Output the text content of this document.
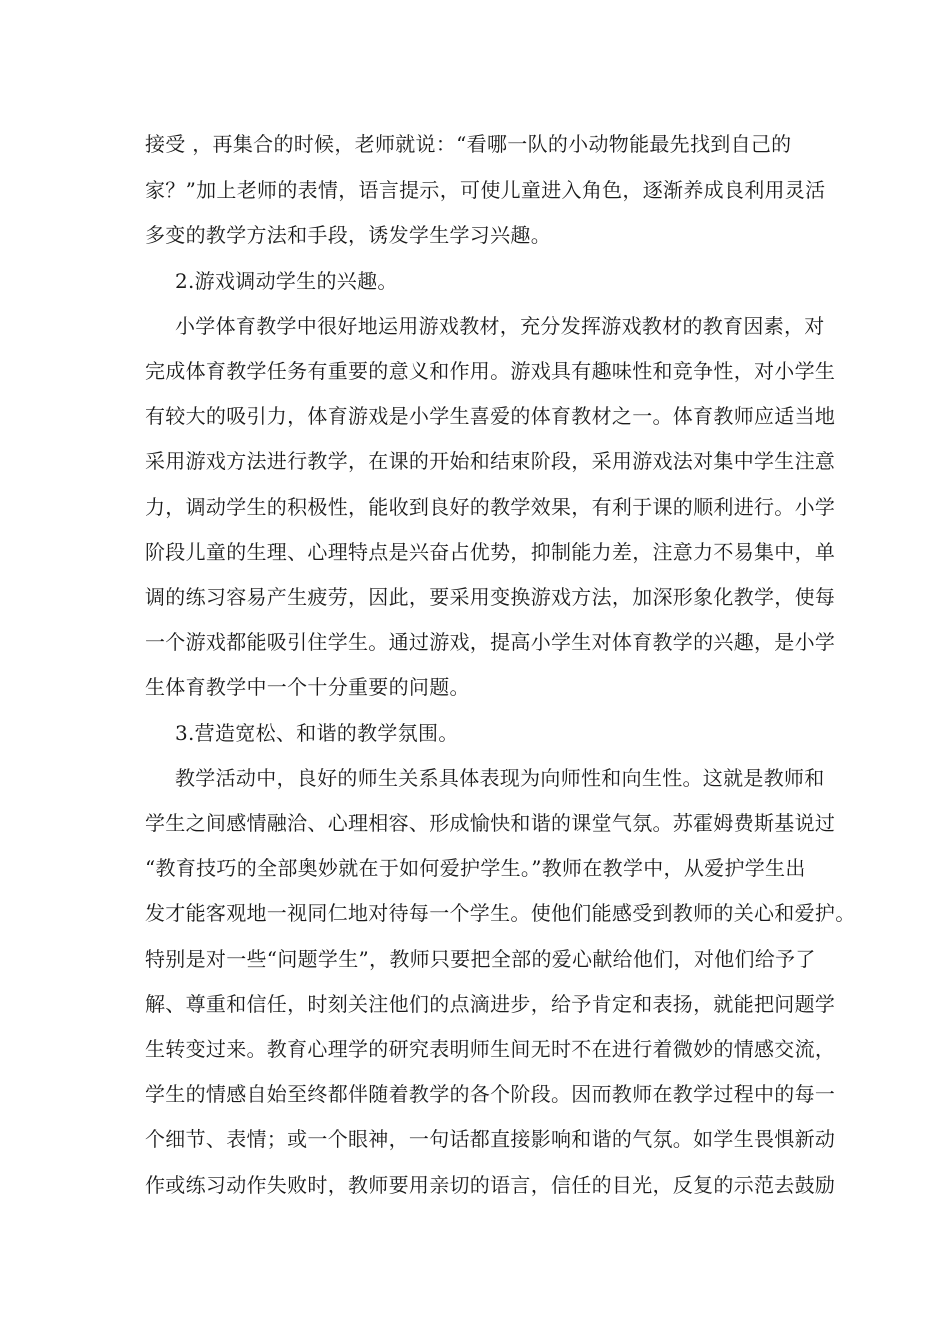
接受 ，再集合的时候，老师就说：“看哪一队的小动物能最先找到自己的
家？”加上老师的表情，语言提示，可使儿童进入角色，逐渐养成良利用灵活
多变的教学方法和手段，诱发学生学习兴趣。
2.游戏调动学生的兴趣。
小学体育教学中很好地运用游戏教材，充分发挥游戏教材的教育因素，对
完成体育教学任务有重要的意义和作用。游戏具有趣味性和竞争性，对小学生
有较大的吸引力，体育游戏是小学生喜爱的体育教材之一。体育教师应适当地
采用游戏方法进行教学，在课的开始和结束阶段，采用游戏法对集中学生注意
力，调动学生的积极性，能收到良好的教学效果，有利于课的顺利进行。小学
阶段儿童的生理、心理特点是兴奋占优势，抑制能力差，注意力不易集中，单
调的练习容易产生疲劳，因此，要采用变换游戏方法，加深形象化教学，使每
一个游戏都能吸引住学生。通过游戏，提高小学生对体育教学的兴趣，是小学
生体育教学中一个十分重要的问题。
3.营造宽松、和谐的教学氛围。
教学活动中，良好的师生关系具体表现为向师性和向生性。这就是教师和
学生之间感情融洽、心理相容、形成愉快和谐的课堂气氛。苏霍姆费斯基说过
“教育技巧的全部奥妙就在于如何爱护学生。”教师在教学中，从爱护学生出
发才能客观地一视同仁地对待每一个学生。使他们能感受到教师的关心和爱护。
特别是对一些“问题学生”，教师只要把全部的爱心献给他们，对他们给予了
解、尊重和信任，时刻关注他们的点滴进步，给予肯定和表扬，就能把问题学
生转变过来。教育心理学的研究表明师生间无时不在进行着微妙的情感交流，
学生的情感自始至终都伴随着教学的各个阶段。因而教师在教学过程中的每一
个细节、表情；或一个眼神，一句话都直接影响和谐的气氛。如学生畏惧新动
作或练习动作失败时，教师要用亲切的语言，信任的目光，反复的示范去鼓励
